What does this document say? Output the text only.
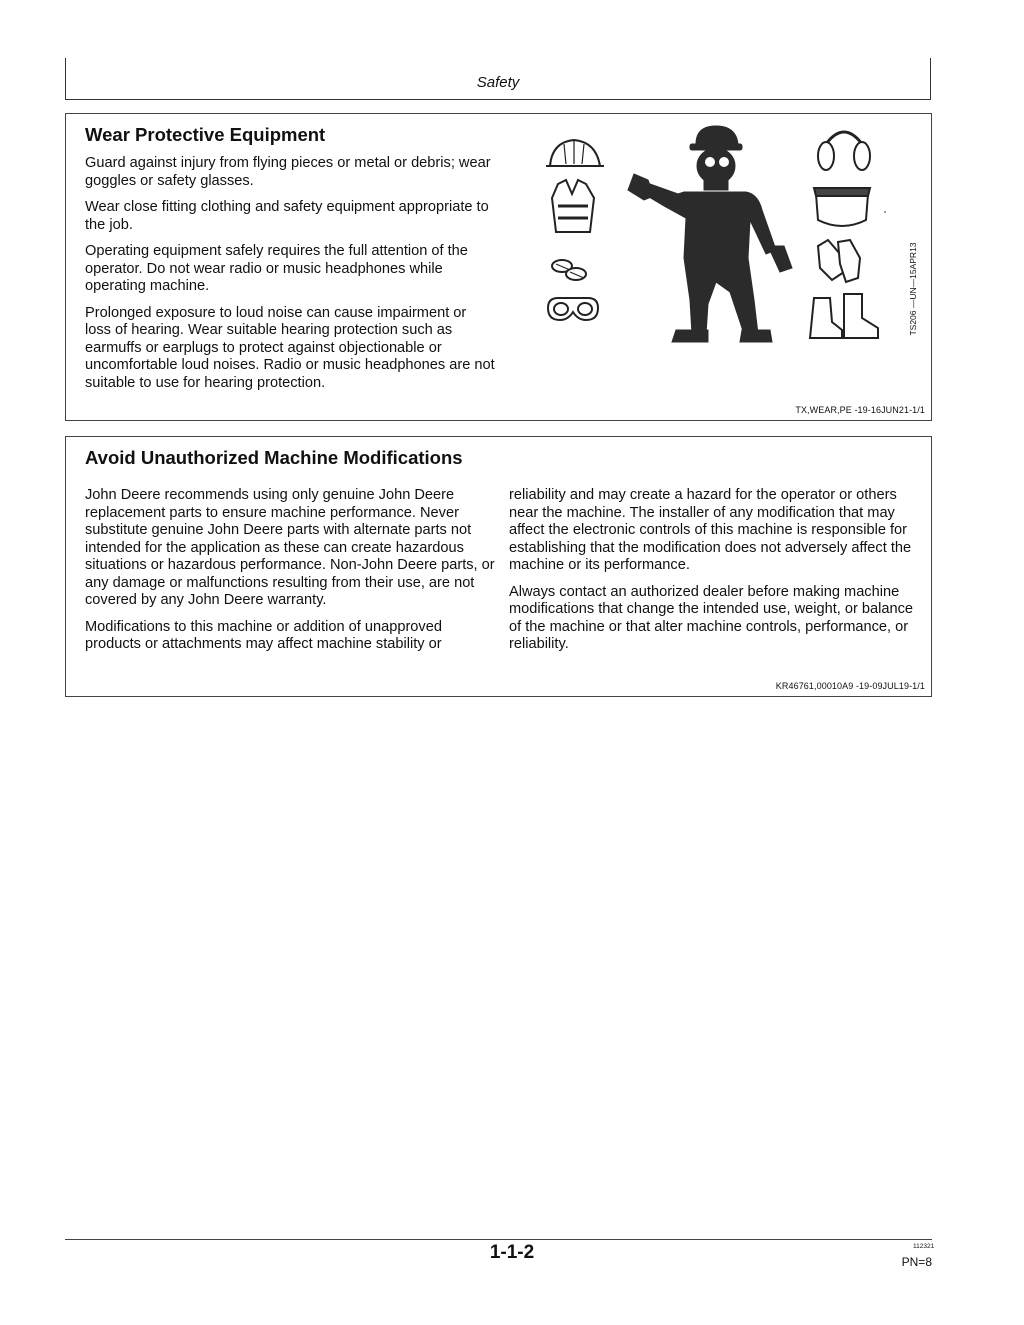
Safety
Wear Protective Equipment

Guard against injury from flying pieces or metal or debris; wear goggles or safety glasses.

Wear close fitting clothing and safety equipment appropriate to the job.

Operating equipment safely requires the full attention of the operator. Do not wear radio or music headphones while operating machine.

Prolonged exposure to loud noise can cause impairment or loss of hearing. Wear suitable hearing protection such as earmuffs or earplugs to protect against objectionable or uncomfortable loud noises. Radio or music headphones are not suitable to use for hearing protection.

TS206 —UN—15APR13
TX,WEAR,PE -19-16JUN21-1/1
Avoid Unauthorized Machine Modifications

John Deere recommends using only genuine John Deere replacement parts to ensure machine performance. Never substitute genuine John Deere parts with alternate parts not intended for the application as these can create hazardous situations or hazardous performance. Non-John Deere parts, or any damage or malfunctions resulting from their use, are not covered by any John Deere warranty.

Modifications to this machine or addition of unapproved products or attachments may affect machine stability or

reliability and may create a hazard for the operator or others near the machine. The installer of any modification that may affect the electronic controls of this machine is responsible for establishing that the modification does not adversely affect the machine or its performance.

Always contact an authorized dealer before making machine modifications that change the intended use, weight, or balance of the machine or that alter machine controls, performance, or reliability.

KR46761,00010A9 -19-09JUL19-1/1
1-1-2	112321
PN=8
